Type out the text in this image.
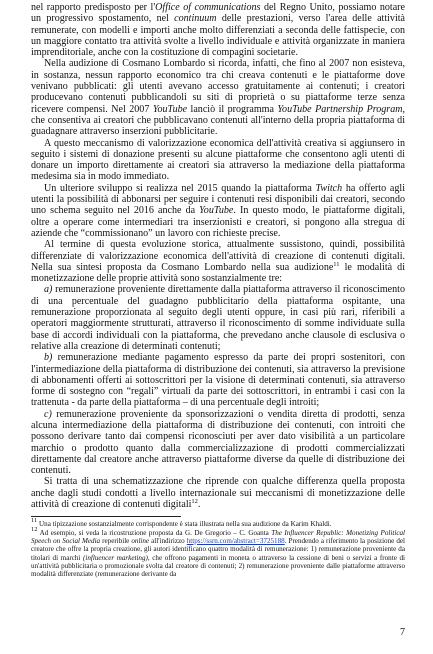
nel rapporto predisposto per l'Office of communications del Regno Unito, possiamo notare un progressivo spostamento, nel continuum delle prestazioni, verso l'area delle attività remunerate, con modelli e importi anche molto differenziati a seconda delle fattispecie, con un maggiore contatto tra attività svolte a livello individuale e attività organizzate in maniera imprenditoriale, anche con la costituzione di compagini societarie.

Nella audizione di Cosmano Lombardo si ricorda, infatti, che fino al 2007 non esisteva, in sostanza, nessun rapporto economico tra chi creava contenuti e le piattaforme dove venivano pubblicati: gli utenti avevano accesso gratuitamente ai contenuti; i creatori producevano contenuti pubblicandoli su siti di proprietà o su piattaforme terze senza ricevere compensi. Nel 2007 YouTube lanciò il programma YouTube Partnership Program, che consentiva ai creatori che pubblicavano contenuti all'interno della propria piattaforma di guadagnare attraverso inserzioni pubblicitarie.

A questo meccanismo di valorizzazione economica dell'attività creativa si aggiunsero in seguito i sistemi di donazione presenti su alcune piattaforme che consentono agli utenti di donare un importo direttamente ai creatori sia attraverso la mediazione della piattaforma medesima sia in modo immediato.

Un ulteriore sviluppo si realizza nel 2015 quando la piattaforma Twitch ha offerto agli utenti la possibilità di abbonarsi per seguire i contenuti resi disponibili dai creatori, secondo uno schema seguito nel 2016 anche da YouTube. In questo modo, le piattaforme digitali, oltre a operare come intermediari tra inserzionisti e creatori, si pongono alla stregua di aziende che “commissionano” un lavoro con richieste precise.

Al termine di questa evoluzione storica, attualmente sussistono, quindi, possibilità differenziate di valorizzazione economica dell'attività di creazione di contenuti digitali. Nella sua sintesi proposta da Cosmano Lombardo nella sua audizione$^{11}$ le modalità di monetizzazione delle proprie attività sono sostanzialmente tre:

a) remunerazione proveniente direttamente dalla piattaforma attraverso il riconoscimento di una percentuale del guadagno pubblicitario della piattaforma ospitante, una remunerazione proporzionata al seguito degli utenti oppure, in casi più rari, riferibili a operatori maggiormente strutturati, attraverso il riconoscimento di somme individuate sulla base di accordi individuali con la piattaforma, che prevedano anche clausole di esclusiva o relative alla creazione di determinati contenuti;

b) remunerazione mediante pagamento espresso da parte dei propri sostenitori, con l'intermediazione della piattaforma di distribuzione dei contenuti, sia attraverso la previsione di abbonamenti offerti ai sottoscrittori per la visione di determinati contenuti, sia attraverso forme di sostegno con “regali” virtuali da parte dei sottoscrittori, in entrambi i casi con la trattenuta - da parte della piattaforma – di una percentuale degli introiti;

c) remunerazione proveniente da sponsorizzazioni o vendita diretta di prodotti, senza alcuna intermediazione della piattaforma di distribuzione dei contenuti, con introiti che possono derivare tanto dai compensi riconosciuti per aver dato visibilità a un particolare marchio o prodotto quanto dalla commercializzazione di prodotti commercializzati direttamente dal creatore anche attraverso piattaforme diverse da quelle di distribuzione dei contenuti.

Si tratta di una schematizzazione che riprende con qualche differenza quella proposta anche dagli studi condotti a livello internazionale sui meccanismi di monetizzazione delle attività di creazione di contenuti digitali$^{12}$.

11 Una tipizzazione sostanzialmente corrispondente è stata illustrata nella sua audizione da Karim Khaldi.

12 Ad esempio, si veda la ricostruzione proposta da G. De Gregorio – C. Goanta The Influencer Republic: Monetizing Political Speech on Social Media reperibile online all'indirizzo https://ssrn.com/abstract=3725188. Prendendo a riferimento la posizione del creatore che offre la propria creazione, gli autori identificano quattro modalità di remunerazione: 1) remunerazione proveniente da titolari di marchi (influencer marketing), che offrono pagamenti in moneta o attraverso la cessione di beni o servizi a fronte di un'attività pubblicitaria o promozionale svolta dal creatore di contenuti; 2) remunerazione proveniente dalle piattaforme attraverso modalità differenziate (remunerazione derivante da

7
